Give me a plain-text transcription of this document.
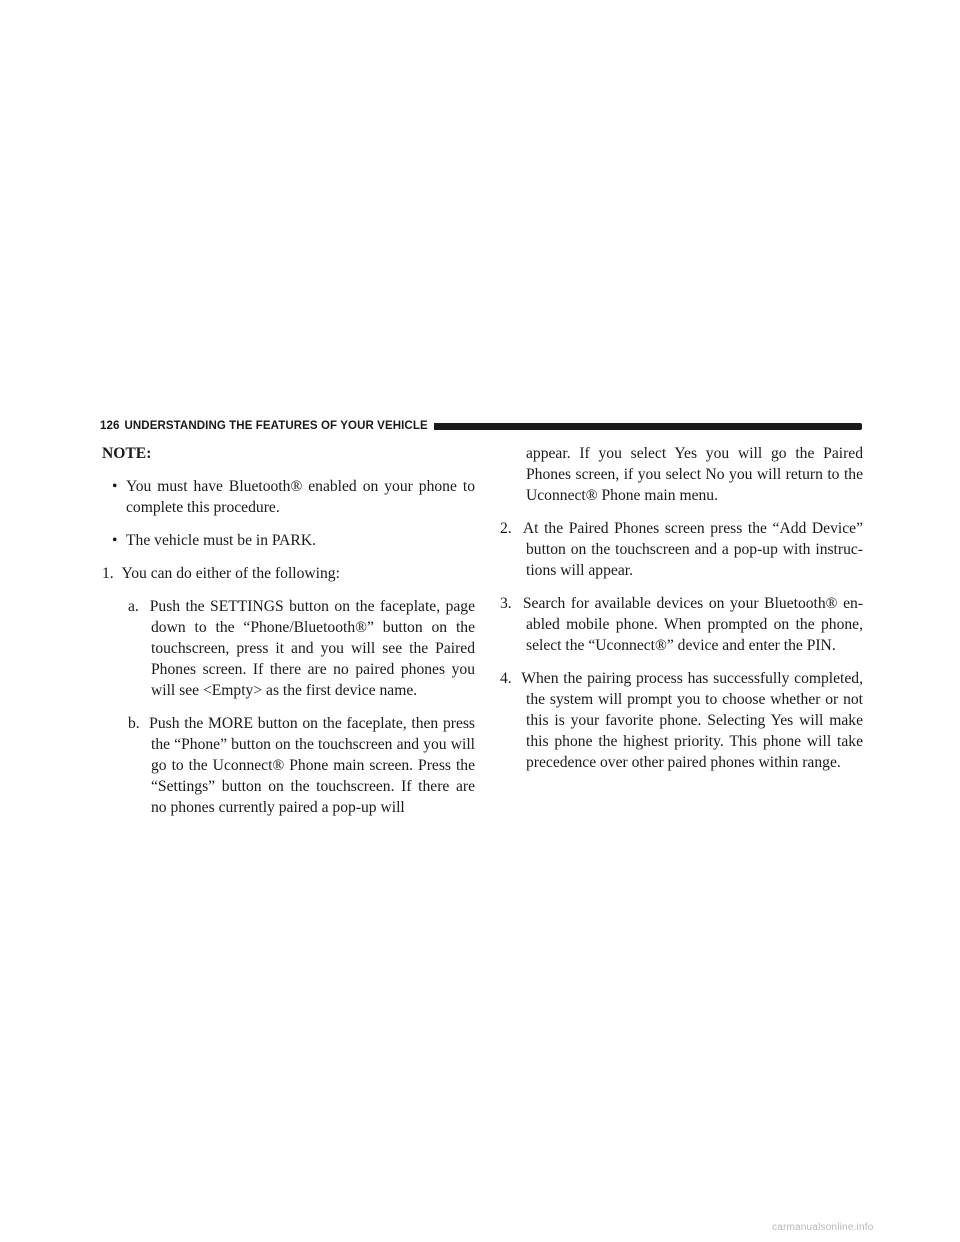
126 UNDERSTANDING THE FEATURES OF YOUR VEHICLE

NOTE:

• You must have Bluetooth® enabled on your phone to complete this procedure.

• The vehicle must be in PARK.

1. You can do either of the following:

a. Push the SETTINGS button on the faceplate, page down to the “Phone/Bluetooth®” button on the touchscreen, press it and you will see the Paired Phones screen. If there are no paired phones you will see <Empty> as the first device name.

b. Push the MORE button on the faceplate, then press the “Phone” button on the touchscreen and you will go to the Uconnect® Phone main screen. Press the “Settings” button on the touchscreen. If there are no phones currently paired a pop-up will

appear. If you select Yes you will go the Paired Phones screen, if you select No you will return to the Uconnect® Phone main menu.

2. At the Paired Phones screen press the “Add Device” button on the touchscreen and a pop-up with instruc-tions will appear.

3. Search for available devices on your Bluetooth® en-abled mobile phone. When prompted on the phone, select the “Uconnect®” device and enter the PIN.

4. When the pairing process has successfully completed, the system will prompt you to choose whether or not this is your favorite phone. Selecting Yes will make this phone the highest priority. This phone will take precedence over other paired phones within range.

carmanualsonline.info
